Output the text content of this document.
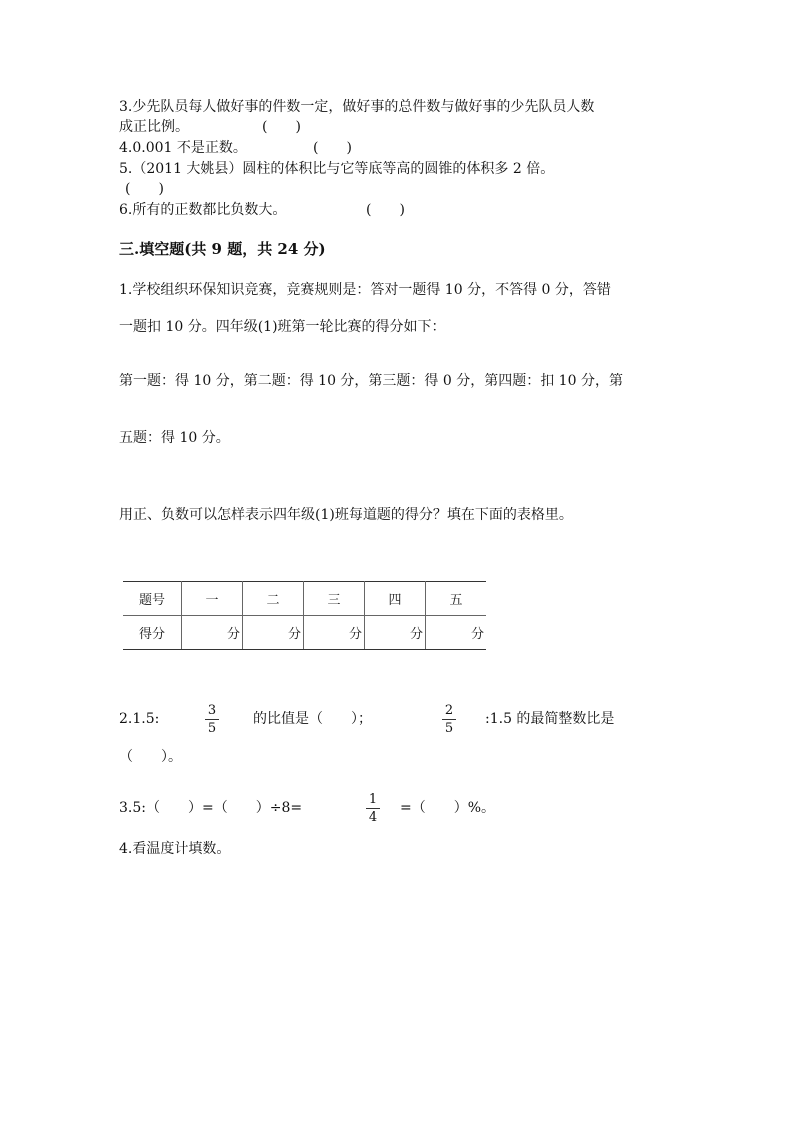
3.少先队员每人做好事的件数一定，做好事的总件数与做好事的少先队员人数
成正比例。	(　　)
4.0.001 不是正数。	(　　)
5.（2011 大姚县）圆柱的体积比与它等底等高的圆锥的体积多 2 倍。
(　　)
6.所有的正数都比负数大。	(　　)
三.填空题(共 9 题，共 24 分)
1.学校组织环保知识竞赛，竞赛规则是：答对一题得 10 分，不答得 0 分，答错
一题扣 10 分。四年级(1)班第一轮比赛的得分如下：
第一题：得 10 分，第二题：得 10 分，第三题：得 0 分，第四题：扣 10 分，第
五题：得 10 分。
用正、负数可以怎样表示四年级(1)班每道题的得分？填在下面的表格里。
题号	一	二	三	四	五
得分	分	分	分	分	分
2.1.5:
3
5
的比值是（　　）；
2
5
:1.5 的最简整数比是
（　　）。
3.5:（　　）=（　　）÷8=
1
4
=（　　）%。
4.看温度计填数。
